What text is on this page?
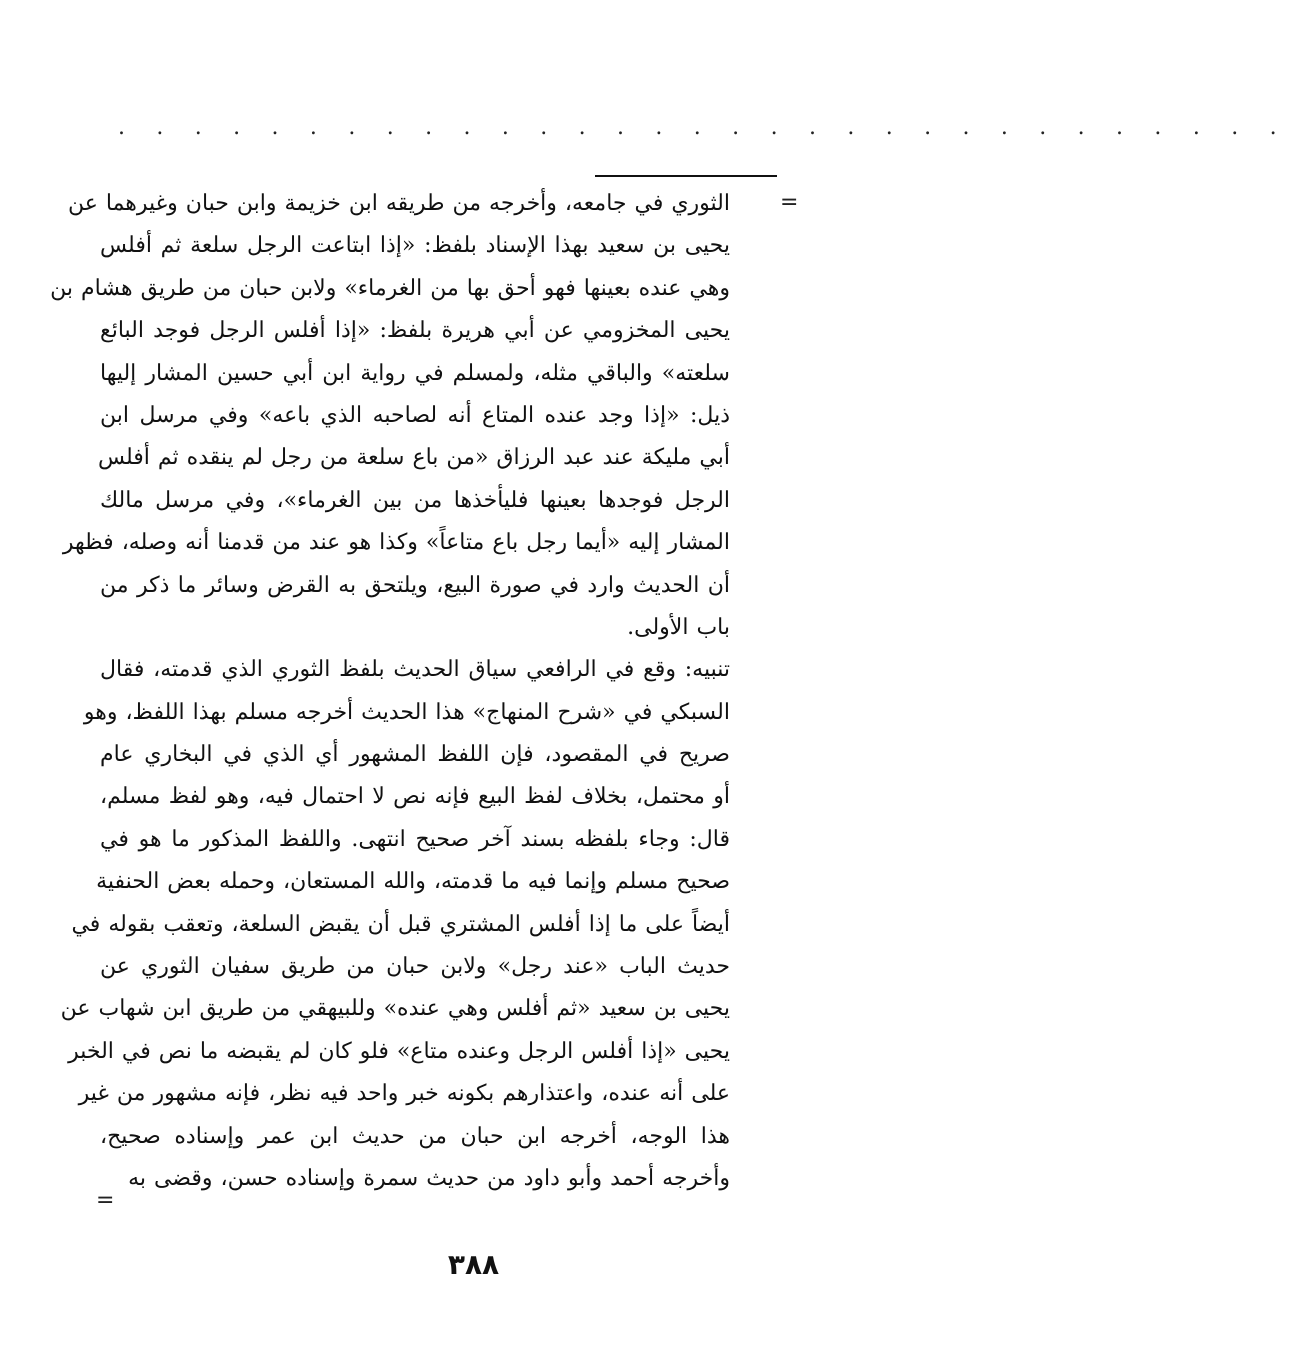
. . . . . . . . . . . . . . . . . . . . . . . . . . . . . . .
=
الثوري في جامعه، وأخرجه من طريقه ابن خزيمة وابن حبان وغيرهما عن
يحيى بن سعيد بهذا الإسناد بلفظ: «إذا ابتاعت الرجل سلعة ثم أفلس
وهي عنده بعينها فهو أحق بها من الغرماء» ولابن حبان من طريق هشام بن
يحيى المخزومي عن أبي هريرة بلفظ: «إذا أفلس الرجل فوجد البائع
سلعته» والباقي مثله، ولمسلم في رواية ابن أبي حسين المشار إليها
ذيل: «إذا وجد عنده المتاع أنه لصاحبه الذي باعه» وفي مرسل ابن
أبي مليكة عند عبد الرزاق «من باع سلعة من رجل لم ينقده ثم أفلس
الرجل فوجدها بعينها فليأخذها من بين الغرماء»، وفي مرسل مالك
المشار إليه «أيما رجل باع متاعاً» وكذا هو عند من قدمنا أنه وصله، فظهر
أن الحديث وارد في صورة البيع، ويلتحق به القرض وسائر ما ذكر من
باب الأولى.
تنبيه: وقع في الرافعي سياق الحديث بلفظ الثوري الذي قدمته، فقال
السبكي في «شرح المنهاج» هذا الحديث أخرجه مسلم بهذا اللفظ، وهو
صريح في المقصود، فإن اللفظ المشهور أي الذي في البخاري عام
أو محتمل، بخلاف لفظ البيع فإنه نص لا احتمال فيه، وهو لفظ مسلم،
قال: وجاء بلفظه بسند آخر صحيح انتهى. واللفظ المذكور ما هو في
صحيح مسلم وإنما فيه ما قدمته، والله المستعان، وحمله بعض الحنفية
أيضاً على ما إذا أفلس المشتري قبل أن يقبض السلعة، وتعقب بقوله في
حديث الباب «عند رجل» ولابن حبان من طريق سفيان الثوري عن
يحيى بن سعيد «ثم أفلس وهي عنده» وللبيهقي من طريق ابن شهاب عن
يحيى «إذا أفلس الرجل وعنده متاع» فلو كان لم يقبضه ما نص في الخبر
على أنه عنده، واعتذارهم بكونه خبر واحد فيه نظر، فإنه مشهور من غير
هذا الوجه، أخرجه ابن حبان من حديث ابن عمر وإسناده صحيح،
وأخرجه أحمد وأبو داود من حديث سمرة وإسناده حسن، وقضى به
=
٣٨٨
